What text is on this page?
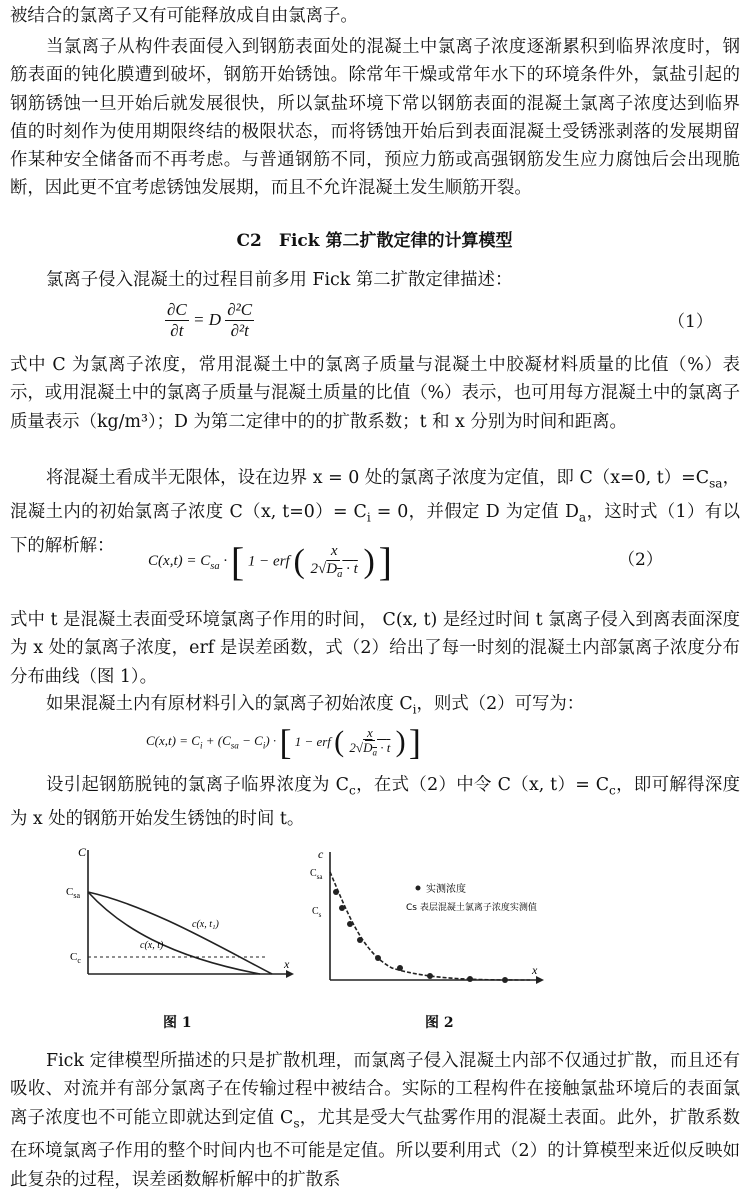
被结合的氯离子又有可能释放成自由氯离子。

当氯离子从构件表面侵入到钢筋表面处的混凝土中氯离子浓度逐渐累积到临界浓度时，钢筋表面的钝化膜遭到破坏，钢筋开始锈蚀。除常年干燥或常年水下的环境条件外，氯盐引起的钢筋锈蚀一旦开始后就发展很快，所以氯盐环境下常以钢筋表面的混凝土氯离子浓度达到临界值的时刻作为使用期限终结的极限状态，而将锈蚀开始后到表面混凝土受锈涨剥落的发展期留作某种安全储备而不再考虑。与普通钢筋不同，预应力筋或高强钢筋发生应力腐蚀后会出现脆断，因此更不宜考虑锈蚀发展期，而且不允许混凝土发生顺筋开裂。

C2　Fick 第二扩散定律的计算模型

氯离子侵入混凝土的过程目前多用 Fick 第二扩散定律描述：

$\frac{\partial C}{\partial t} = D \frac{\text{∂²C}}{\text{∂²t}}$	（1）

式中 C 为氯离子浓度，常用混凝土中的氯离子质量与混凝土中胶凝材料质量的比值（%）表示，或用混凝土中的氯离子质量与混凝土质量的比值（%）表示，也可用每方混凝土中的氯离子质量表示（kg/m³）；D 为第二定律中的的扩散系数；t 和 x 分别为时间和距离。

将混凝土看成半无限体，设在边界 x = 0 处的氯离子浓度为定值，即 C（x=0, $t)=C_{sa}$，混凝土内的初始氯离子浓度 C（x, $t=0)= C_i = 0$，并假定 D 为定值 $D_a$，这时式（1）有以下的解析解：

$C(x,t) = C_{sa}$ · [ 1 − erf ( $\frac{x}{2√D_a \cdot t}$ ) ]	（2）

式中 t 是混凝土表面受环境氯离子作用的时间， C(x, t) 是经过时间 t 氯离子侵入到离表面深度为 x 处的氯离子浓度，erf 是误差函数，式（2）给出了每一时刻的混凝土内部氯离子浓度分布分布曲线（图 1）。

如果混凝土内有原材料引入的氯离子初始浓度 $C_i$，则式（2）可写为：

$C(x,t) = C_i + (C_{sa} - C_i)$ · [ 1 − erf ( $\frac{x}{2√D_a \cdot t}$ ) ]

设引起钢筋脱钝的氯离子临界浓度为 $C_c$，在式（2）中令 C（x, $t)= C_c$，即可解得深度为 x 处的钢筋开始发生锈蚀的时间 t。

C
x
$C_{sa}$
$C_c$
c(x, t₁)
c(x, t)
图 1
c
x
$C_{sa}$
$C_s$
实测浓度
Cs 表层混凝土氯离子浓度实测值
图 2

Fick 定律模型所描述的只是扩散机理，而氯离子侵入混凝土内部不仅通过扩散，而且还有吸收、对流并有部分氯离子在传输过程中被结合。实际的工程构件在接触氯盐环境后的表面氯离子浓度也不可能立即就达到定值 $C_s$，尤其是受大气盐雾作用的混凝土表面。此外，扩散系数在环境氯离子作用的整个时间内也不可能是定值。所以要利用式（2）的计算模型来近似反映如此复杂的过程，误差函数解析解中的扩散系
